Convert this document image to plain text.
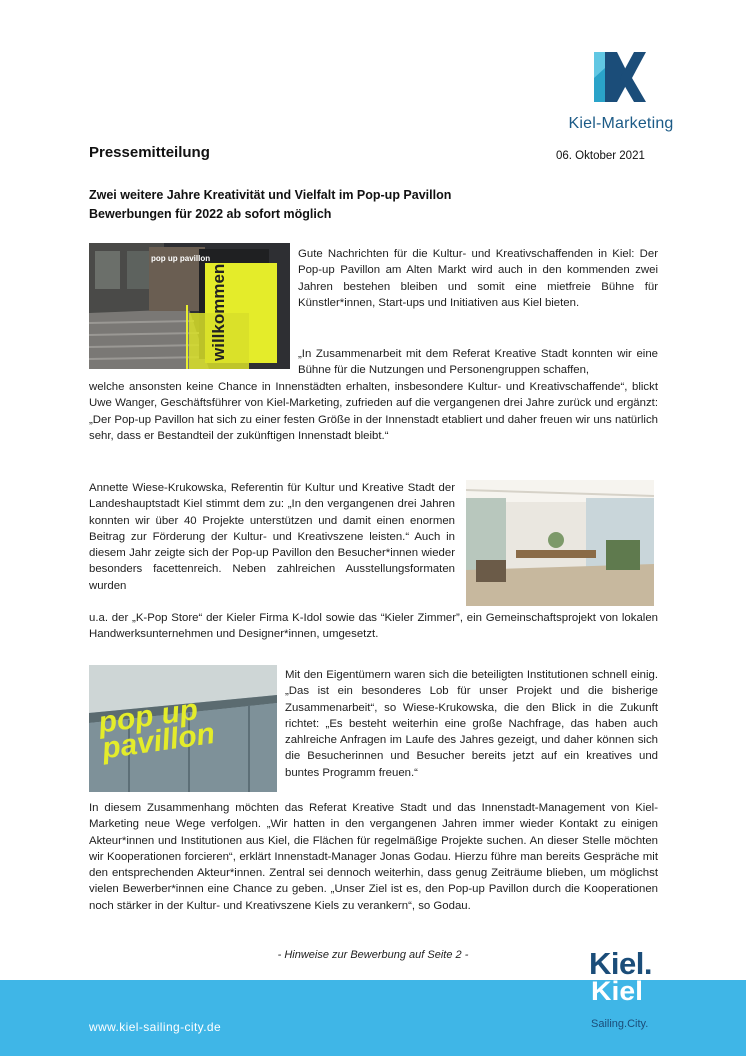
Kiel-Marketing
Pressemitteilung	06. Oktober 2021
Zwei weitere Jahre Kreativität und Vielfalt im Pop-up Pavillon
Bewerbungen für 2022 ab sofort möglich
pop up pavillon
willkommen

Gute Nachrichten für die Kultur- und Kreativschaffenden in Kiel: Der Pop-up Pavillon am Alten Markt wird auch in den kommenden zwei Jahren bestehen bleiben und somit eine mietfreie Bühne für Künstler*innen, Start-ups und Initiativen aus Kiel bieten.

„In Zusammenarbeit mit dem Referat Kreative Stadt konnten wir eine Bühne für die Nutzungen und Personengruppen schaffen,

welche ansonsten keine Chance in Innenstädten erhalten, insbesondere Kultur- und Kreativschaffende“, blickt Uwe Wanger, Geschäftsführer von Kiel-Marketing, zufrieden auf die vergangenen drei Jahre zurück und ergänzt: „Der Pop-up Pavillon hat sich zu einer festen Größe in der Innenstadt etabliert und daher freuen wir uns natürlich sehr, dass er Bestandteil der zukünftigen Innenstadt bleibt.“

Annette Wiese-Krukowska, Referentin für Kultur und Kreative Stadt der Landeshauptstadt Kiel stimmt dem zu: „In den vergangenen drei Jahren konnten wir über 40 Projekte unterstützen und damit einen enormen Beitrag zur Förderung der Kultur- und Kreativszene leisten.“ Auch in diesem Jahr zeigte sich der Pop-up Pavillon den Besucher*innen wieder besonders facettenreich. Neben zahlreichen Ausstellungsformaten wurden

u.a. der „K-Pop Store“ der Kieler Firma K-Idol sowie das “Kieler Zimmer”, ein Gemeinschaftsprojekt von lokalen Handwerksunternehmen und Designer*innen, umgesetzt.

pop up pavillon

Mit den Eigentümern waren sich die beteiligten Institutionen schnell einig. „Das ist ein besonderes Lob für unser Projekt und die bisherige Zusammenarbeit“, so Wiese-Krukowska, die den Blick in die Zukunft richtet: „Es besteht weiterhin eine große Nachfrage, das haben auch zahlreiche Anfragen im Laufe des Jahres gezeigt, und daher können sich die Besucherinnen und Besucher bereits jetzt auf ein kreatives und buntes Programm freuen.“

In diesem Zusammenhang möchten das Referat Kreative Stadt und das Innenstadt-Management von Kiel-Marketing neue Wege verfolgen. „Wir hatten in den vergangenen Jahren immer wieder Kontakt zu einigen Akteur*innen und Institutionen aus Kiel, die Flächen für regelmäßige Projekte suchen. An dieser Stelle möchten wir Kooperationen forcieren“, erklärt Innenstadt-Manager Jonas Godau. Hierzu führe man bereits Gespräche mit den entsprechenden Akteur*innen. Zentral sei dennoch weiterhin, dass genug Zeiträume blieben, um möglichst vielen Bewerber*innen eine Chance zu geben. „Unser Ziel ist es, den Pop-up Pavillon durch die Kooperationen noch stärker in der Kultur- und Kreativszene Kiels zu verankern“, so Godau.

- Hinweise zur Bewerbung auf Seite 2 -
www.kiel-sailing-city.de
Kiel.
Kiel
Sailing.City.
